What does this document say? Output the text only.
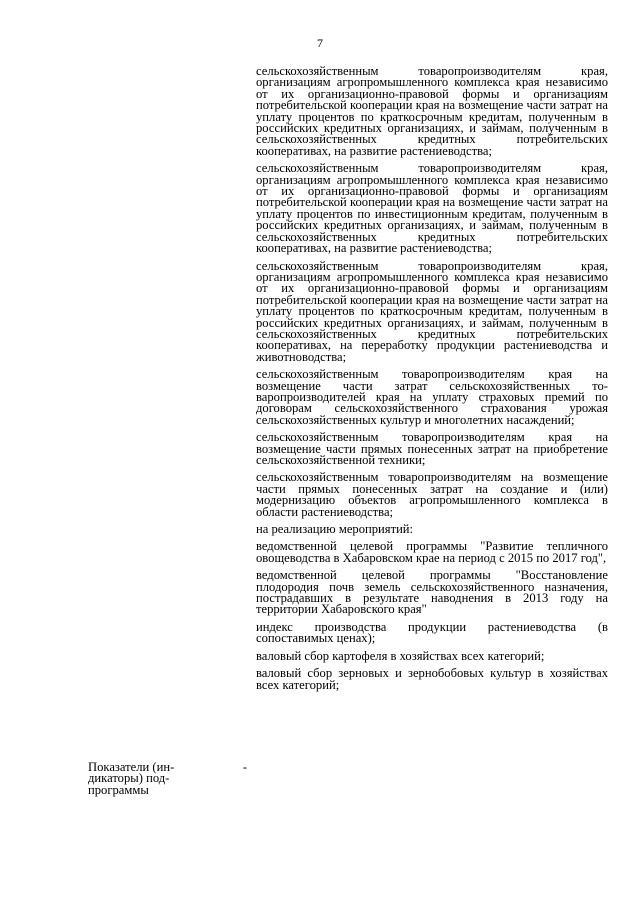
7

сельскохозяйственным товаропроизводителям края, организациям агропромышленного комплекса края независимо от их организационно-правовой формы и организациям потребительской кооперации края на возмещение части затрат на уплату процентов по краткосрочным кредитам, полученным в российских кредитных организациях, и займам, полученным в сельскохозяйственных кредитных потребительских кооперативах, на развитие растениеводства;

сельскохозяйственным товаропроизводителям края, организациям агропромышленного комплекса края независимо от их организационно-правовой формы и организациям потребительской кооперации края на возмещение части затрат на уплату процентов по инвестиционным кредитам, полученным в российских кредитных организациях, и займам, полученным в сельскохозяйственных кредитных потребительских кооперативах, на развитие растениеводства;

сельскохозяйственным товаропроизводителям края, организациям агропромышленного комплекса края независимо от их организационно-правовой формы и организациям потребительской кооперации края на возмещение части затрат на уплату процентов по краткосрочным кредитам, полученным в российских кредитных организациях, и займам, полученным в сельскохозяйственных кредитных потребительских кооперативах, на переработку продукции растениеводства и животноводства;

сельскохозяйственным товаропроизводителям края на возмещение части затрат сельскохозяйственных товаропроизводителей края на уплату страховых премий по договорам сельскохозяйственного страхования урожая сельскохозяйственных культур и многолетних насаждений;

сельскохозяйственным товаропроизводителям края на возмещение части прямых понесенных затрат на приобретение сельскохозяйственной техники;

сельскохозяйственным товаропроизводителям на возмещение части прямых понесенных затрат на создание и (или) модернизацию объектов агропромышленного комплекса в области растениеводства;

на реализацию мероприятий:

ведомственной целевой программы "Развитие тепличного овощеводства в Хабаровском крае на период с 2015 по 2017 год",

ведомственной целевой программы "Восстановление плодородия почв земель сельскохозяйственного назначения, пострадавших в результате наводнения в 2013 году на территории Хабаровского края"

индекс производства продукции растениеводства (в сопоставимых ценах);

валовый сбор картофеля в хозяйствах всех категорий;

валовый сбор зерновых и зернобобовых культур в хозяйствах всех категорий;

Показатели (индикаторы) подпрограммы
-
